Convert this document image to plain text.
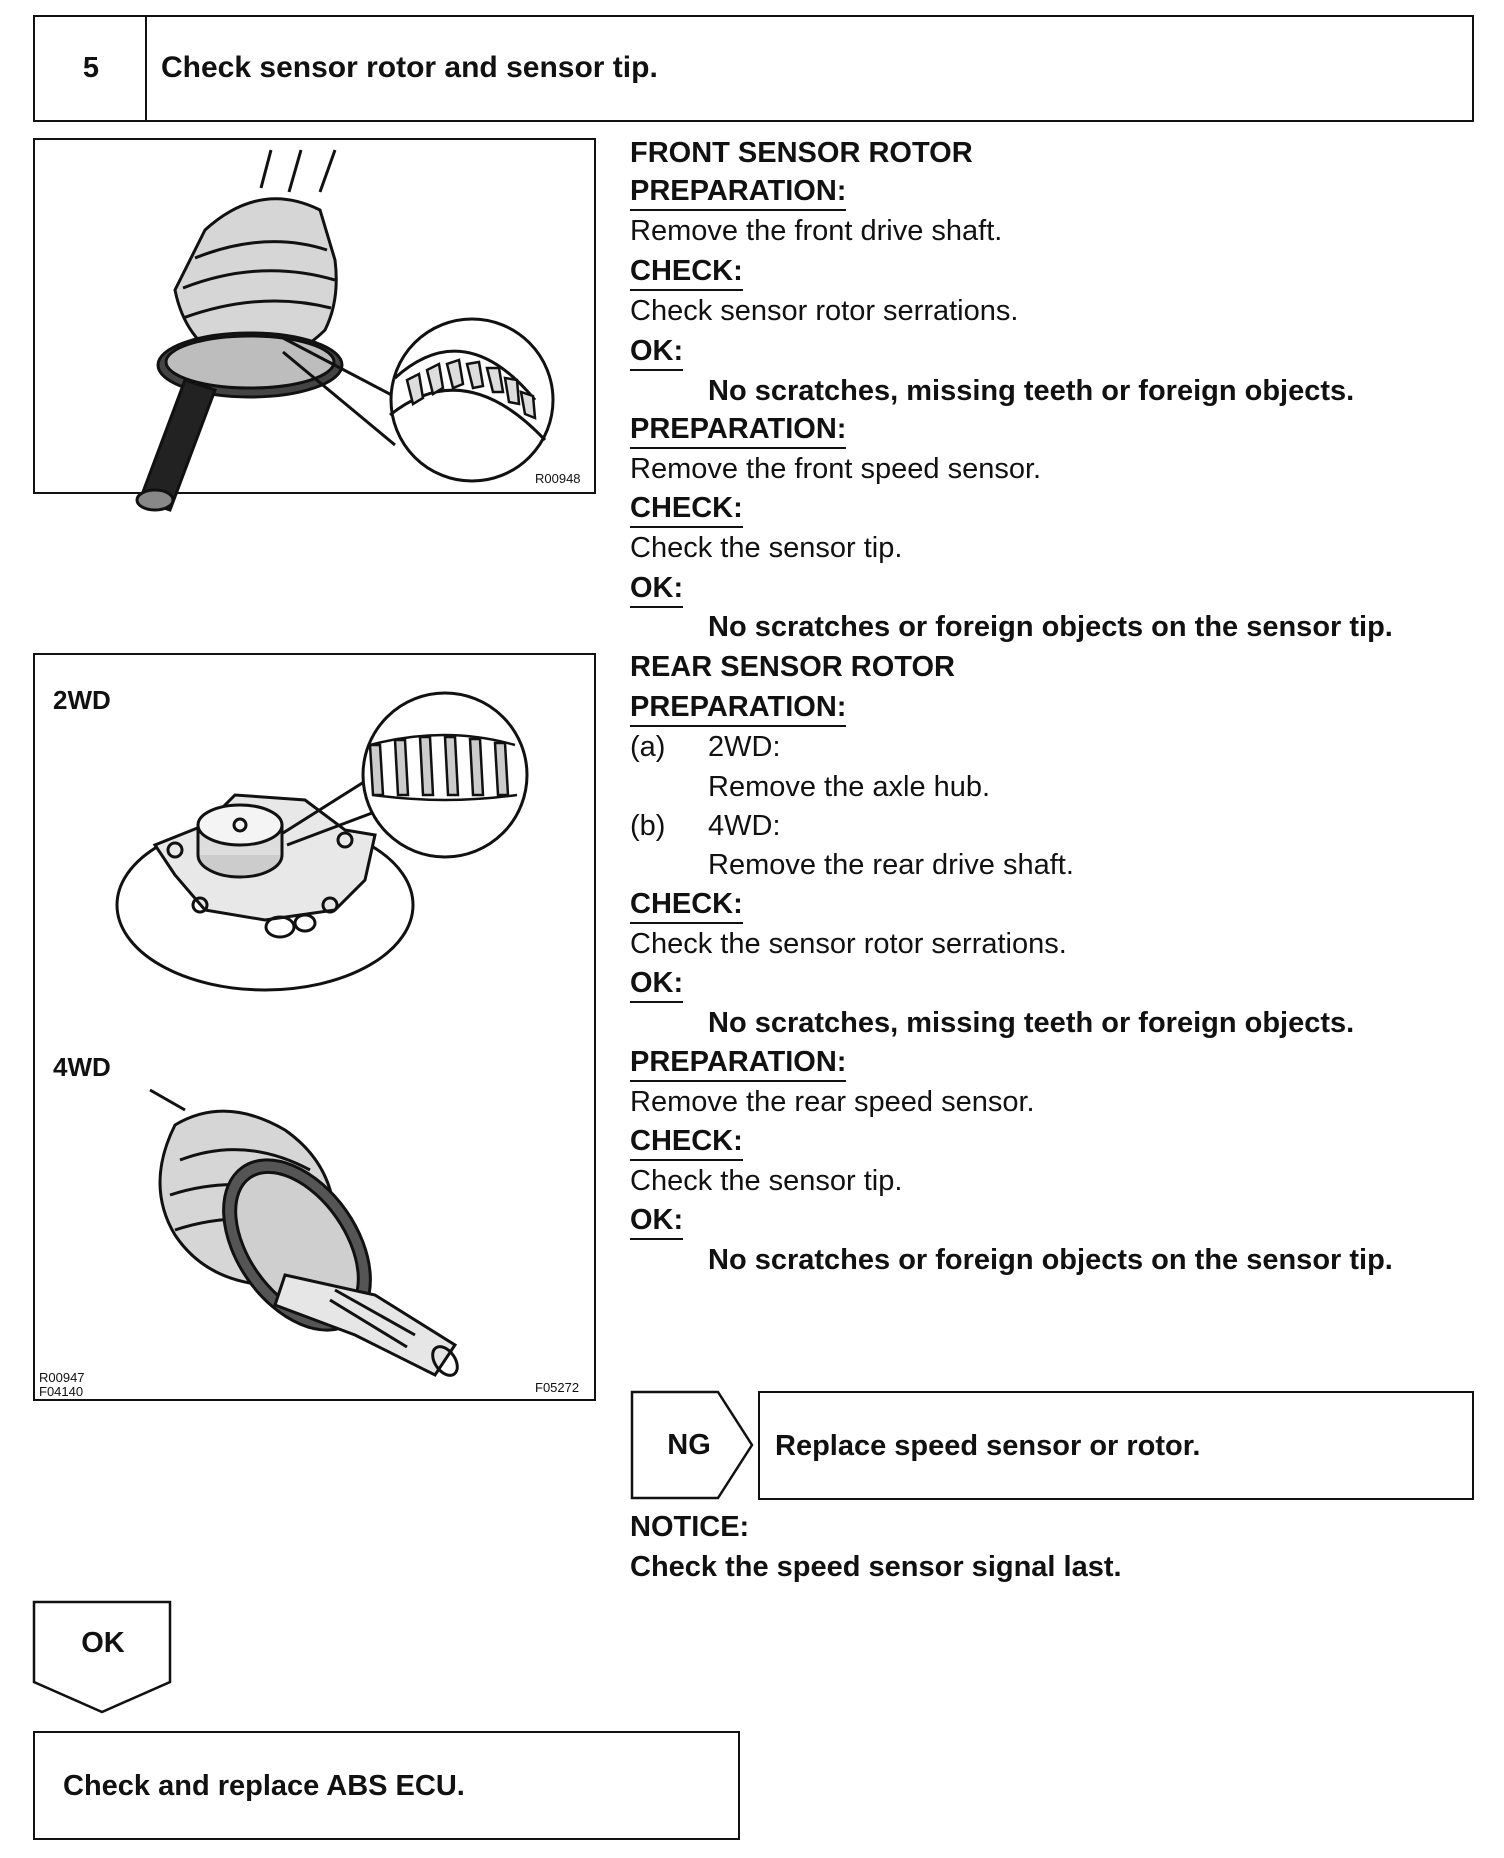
5	Check sensor rotor and sensor tip.
R00948
2WD
4WD
R00947
F04140	F05272
FRONT SENSOR ROTOR
PREPARATION:
Remove the front drive shaft.
CHECK:
Check sensor rotor serrations.
OK:
No scratches, missing teeth or foreign objects.
PREPARATION:
Remove the front speed sensor.
CHECK:
Check the sensor tip.
OK:
No scratches or foreign objects on the sensor tip.
REAR SENSOR ROTOR
PREPARATION:
(a) 2WD:
Remove the axle hub.
(b) 4WD:
Remove the rear drive shaft.
CHECK:
Check the sensor rotor serrations.
OK:
No scratches, missing teeth or foreign objects.
PREPARATION:
Remove the rear speed sensor.
CHECK:
Check the sensor tip.
OK:
No scratches or foreign objects on the sensor tip.
NG	Replace speed sensor or rotor.
NOTICE:
Check the speed sensor signal last.
OK
Check and replace ABS ECU.
